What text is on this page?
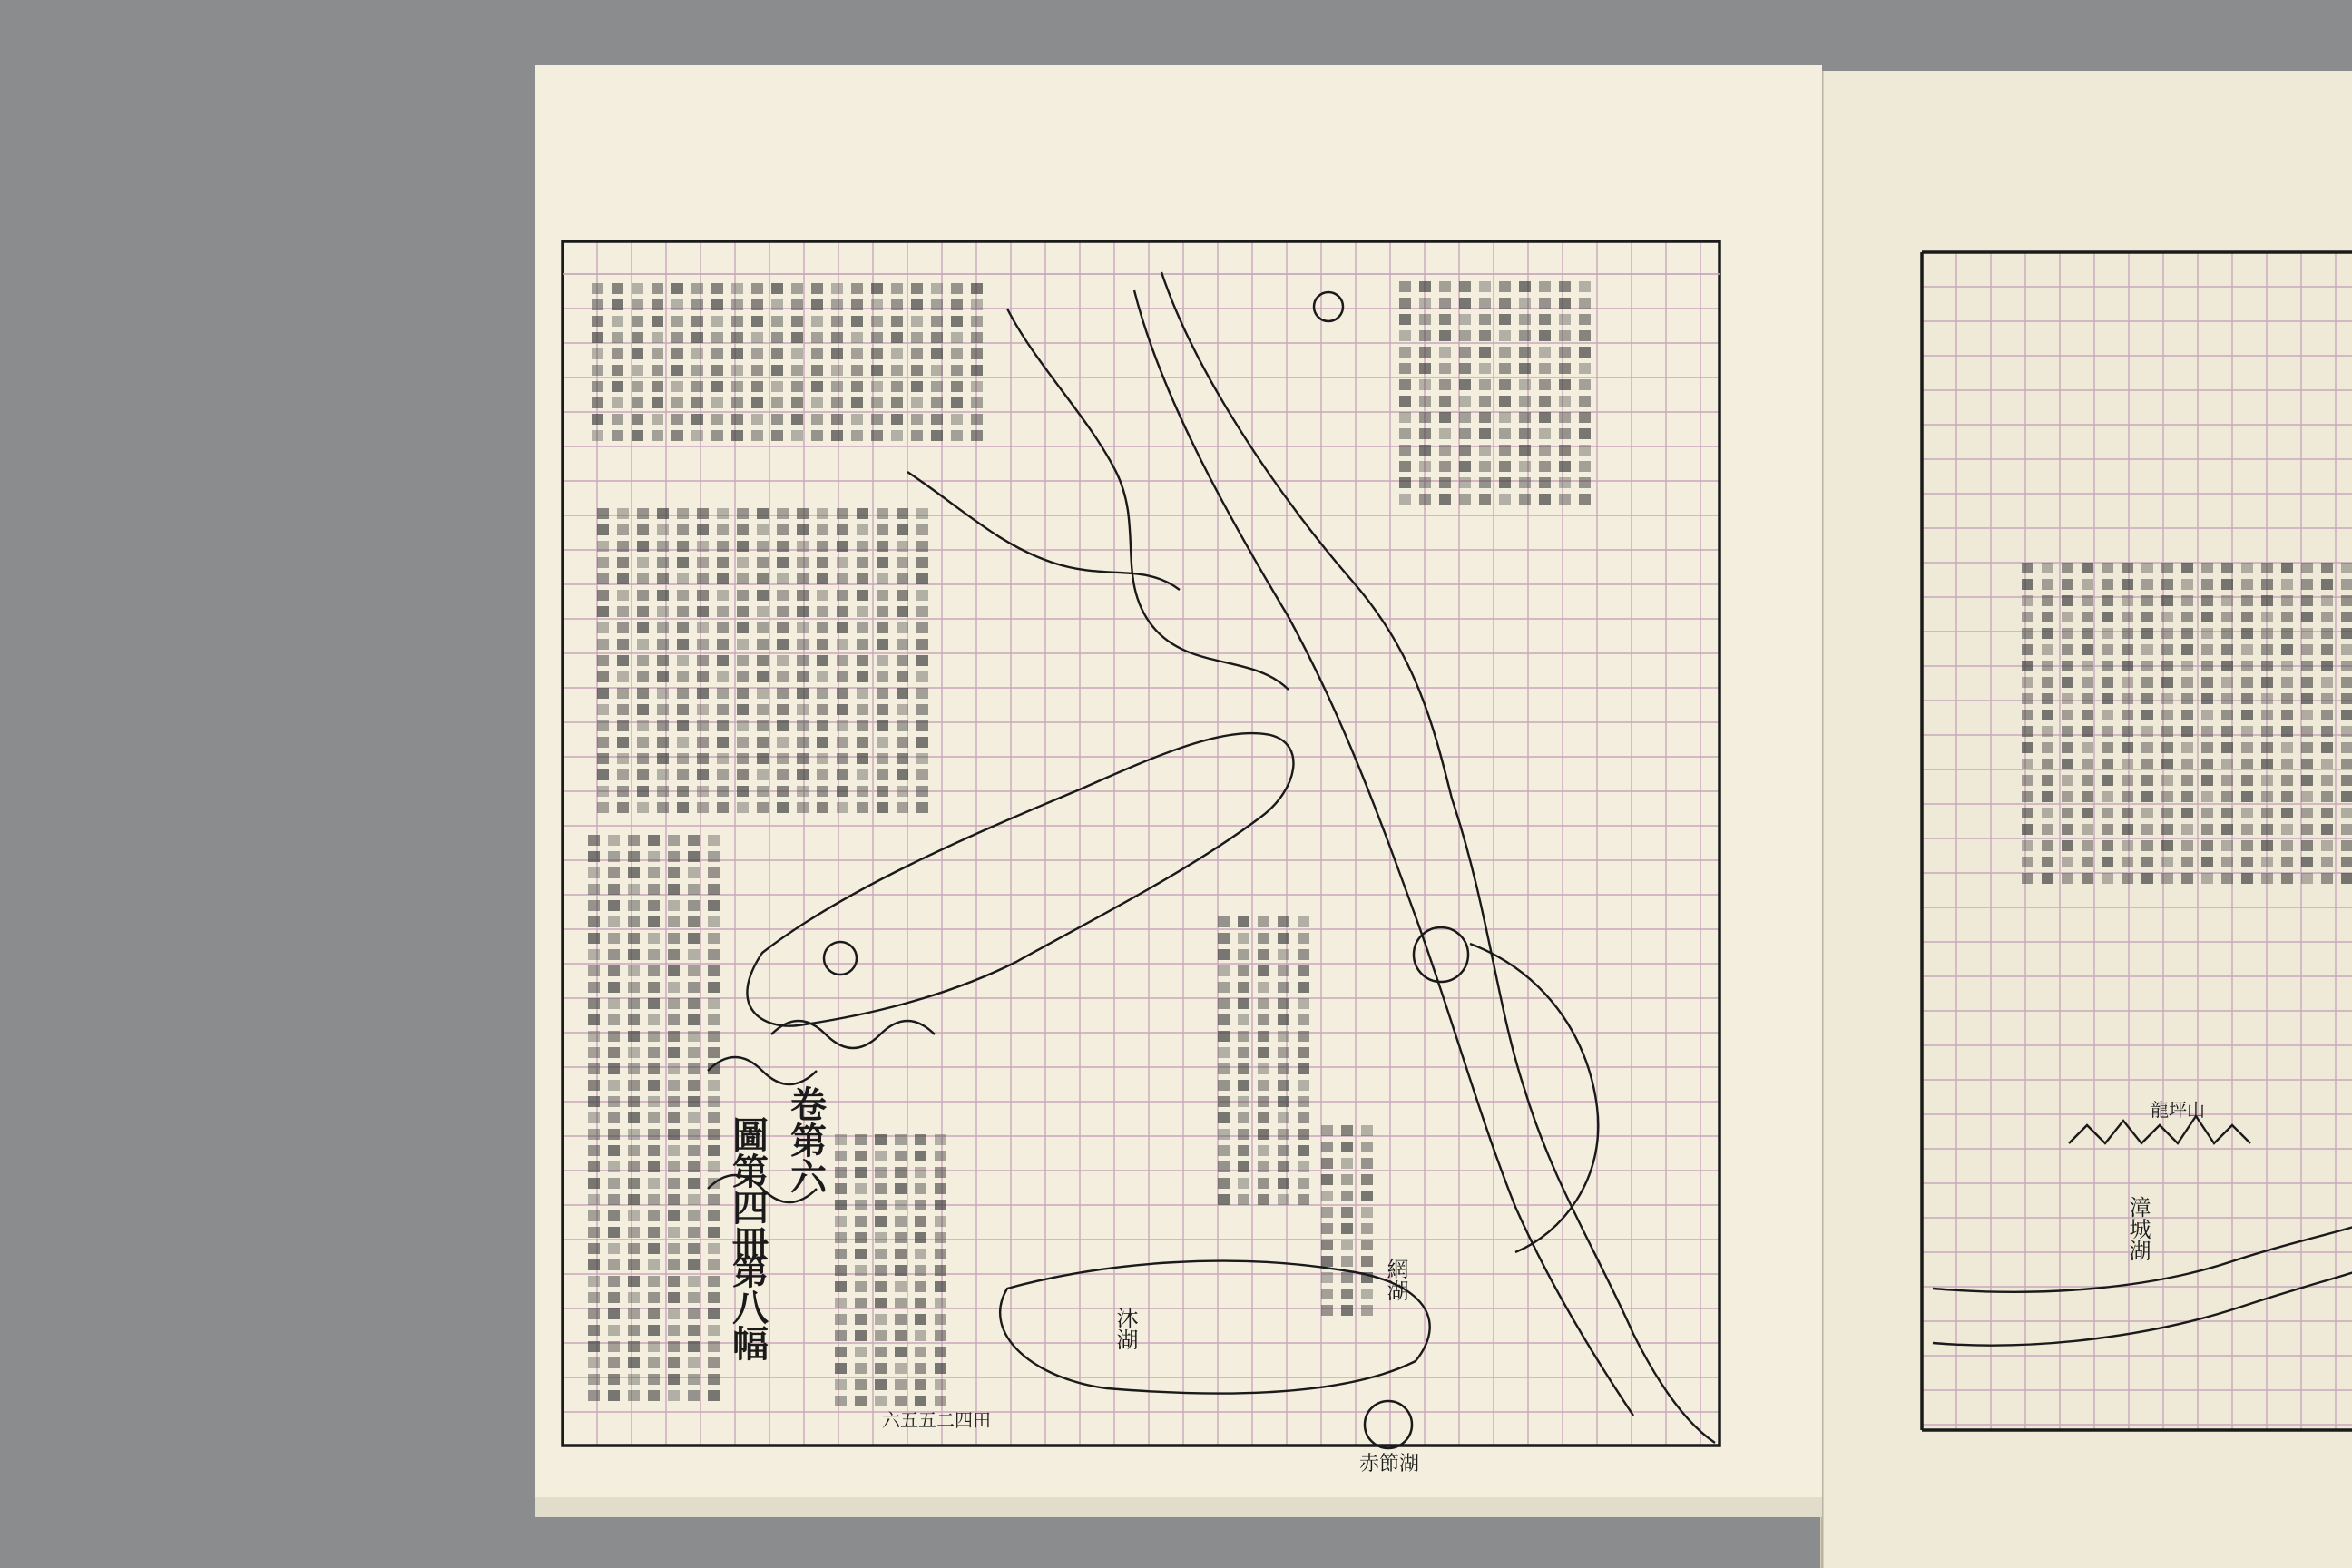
沐湖
網湖
赤節湖
漳城湖
龍坪山
卷第六
圖第四冊
第八幅
六五五二四田
